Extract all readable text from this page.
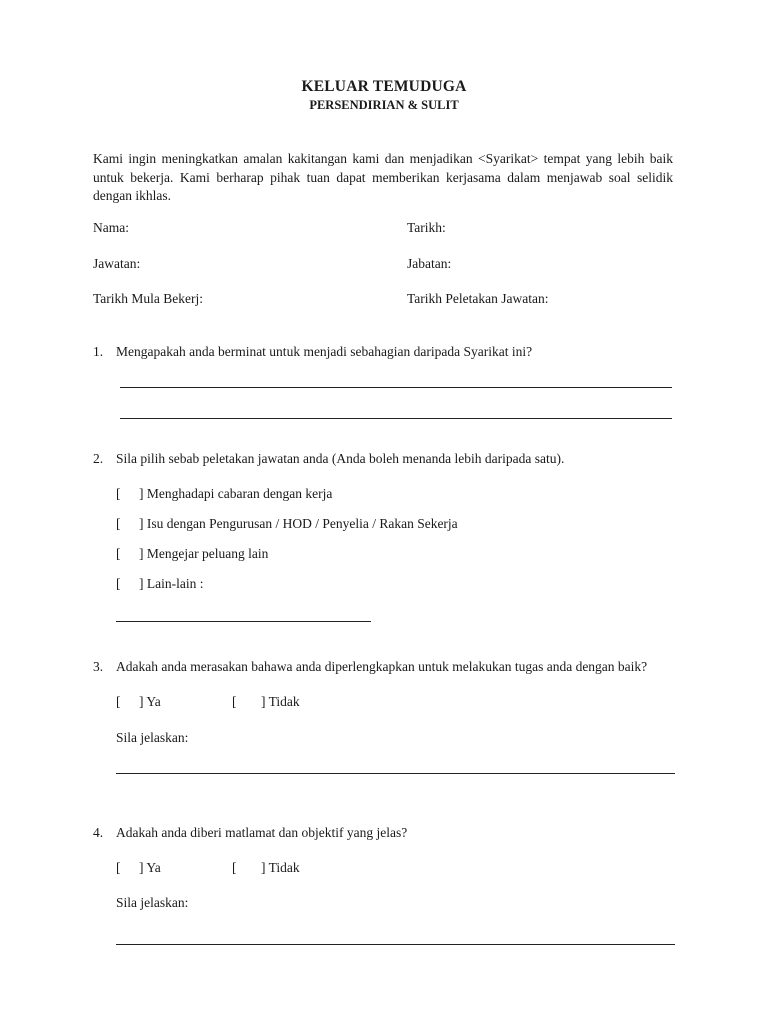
KELUAR TEMUDUGA
PERSENDIRIAN & SULIT
Kami ingin meningkatkan amalan kakitangan kami dan menjadikan <Syarikat> tempat yang lebih baik untuk bekerja. Kami berharap pihak tuan dapat memberikan kerjasama dalam menjawab soal selidik dengan ikhlas.
Nama:	Tarikh:
Jawatan:	Jabatan:
Tarikh Mula Bekerj:	Tarikh Peletakan Jawatan:
1. Mengapakah anda berminat untuk menjadi sebahagian daripada Syarikat ini?
2. Sila pilih sebab peletakan jawatan anda (Anda boleh menanda lebih daripada satu).
[ ] Menghadapi cabaran dengan kerja
[ ] Isu dengan Pengurusan / HOD / Penyelia / Rakan Sekerja
[ ] Mengejar peluang lain
[ ] Lain-lain :
3. Adakah anda merasakan bahawa anda diperlengkapkan untuk melakukan tugas anda dengan baik?
[ ] Ya	[ ] Tidak
Sila jelaskan:
4. Adakah anda diberi matlamat dan objektif yang jelas?
[ ] Ya	[ ] Tidak
Sila jelaskan:
